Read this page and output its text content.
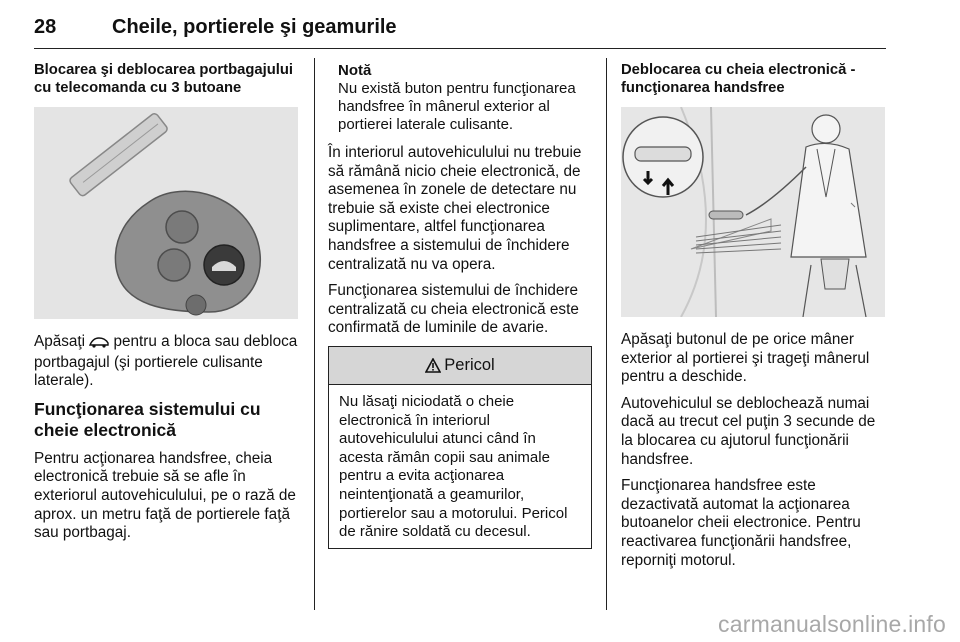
28	Cheile, portierele şi geamurile
Blocarea şi deblocarea portbagajului cu telecomanda cu 3 butoane

Apăsaţi  pentru a bloca sau debloca portbagajul (şi portierele culisante laterale).

Funcţionarea sistemului cu cheie electronică

Pentru acţionarea handsfree, cheia electronică trebuie să se afle în exteriorul autovehiculului, pe o rază de aprox. un metru faţă de portierele faţă sau portbagaj.

Notă
Nu există buton pentru funcţionarea handsfree în mânerul exterior al portierei laterale culisante.

În interiorul autovehiculului nu trebuie să rămână nicio cheie electronică, de asemenea în zonele de detectare nu trebuie să existe chei electronice suplimentare, altfel funcţionarea handsfree a sistemului de închidere centralizată nu va opera.

Funcţionarea sistemului de închidere centralizată cu cheia electronică este confirmată de luminile de avarie.

Pericol
Nu lăsaţi niciodată o cheie electronică în interiorul autovehiculului atunci când în acesta rămân copii sau animale pentru a evita acţionarea neintenţionată a geamurilor, portierelor sau a motorului. Pericol de rănire soldată cu decesul.
Deblocarea cu cheia electronică - funcţionarea handsfree

Apăsaţi butonul de pe orice mâner exterior al portierei şi trageţi mânerul pentru a deschide.

Autovehiculul se deblochează numai dacă au trecut cel puţin 3 secunde de la blocarea cu ajutorul funcţionării handsfree.

Funcţionarea handsfree este dezactivată automat la acţionarea butoanelor cheii electronice. Pentru reactivarea funcţionării handsfree, reporniţi motorul.

carmanualsonline.info
